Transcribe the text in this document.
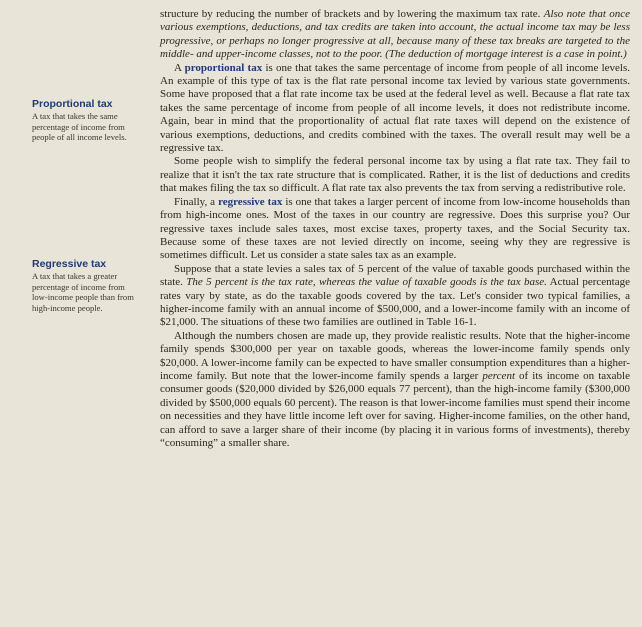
Proportional tax
A tax that takes the same percentage of income from people of all income levels.
Regressive tax
A tax that takes a greater percentage of income from low-income people than from high-income people.

structure by reducing the number of brackets and by lowering the maximum tax rate. Also note that once various exemptions, deductions, and tax credits are taken into account, the actual income tax may be less progressive, or perhaps no longer progressive at all, because many of these tax breaks are targeted to the middle- and upper-income classes, not to the poor. (The deduction of mortgage interest is a case in point.)

A proportional tax is one that takes the same percentage of income from people of all income levels. An example of this type of tax is the flat rate personal income tax levied by various state governments. Some have proposed that a flat rate income tax be used at the federal level as well. Because a flat rate tax takes the same percentage of income from people of all income levels, it does not redistribute income. Again, bear in mind that the proportionality of actual flat rate taxes will depend on the existence of various exemptions, deductions, and credits combined with the taxes. The overall result may well be a regressive tax.

Some people wish to simplify the federal personal income tax by using a flat rate tax. They fail to realize that it isn't the tax rate structure that is complicated. Rather, it is the list of deductions and credits that makes filing the tax so difficult. A flat rate tax also prevents the tax from serving a redistributive role.

Finally, a regressive tax is one that takes a larger percent of income from low-income households than from high-income ones. Most of the taxes in our country are regressive. Does this surprise you? Our regressive taxes include sales taxes, most excise taxes, property taxes, and the Social Security tax. Because some of these taxes are not levied directly on income, seeing why they are regressive is sometimes difficult. Let us consider a state sales tax as an example.

Suppose that a state levies a sales tax of 5 percent of the value of taxable goods purchased within the state. The 5 percent is the tax rate, whereas the value of taxable goods is the tax base. Actual percentage rates vary by state, as do the taxable goods covered by the tax. Let's consider two typical families, a higher-income family with an annual income of $500,000, and a lower-income family with an income of $21,000. The situations of these two families are outlined in Table 16-1.

Although the numbers chosen are made up, they provide realistic results. Note that the higher-income family spends $300,000 per year on taxable goods, whereas the lower-income family spends only $20,000. A lower-income family can be expected to have smaller consumption expenditures than a higher-income family. But note that the lower-income family spends a larger percent of its income on taxable consumer goods ($20,000 divided by $26,000 equals 77 percent), than the high-income family ($300,000 divided by $500,000 equals 60 percent). The reason is that lower-income families must spend their income on necessities and they have little income left over for saving. Higher-income families, on the other hand, can afford to save a larger share of their income (by placing it in various forms of investments), thereby “consuming” a smaller share.
